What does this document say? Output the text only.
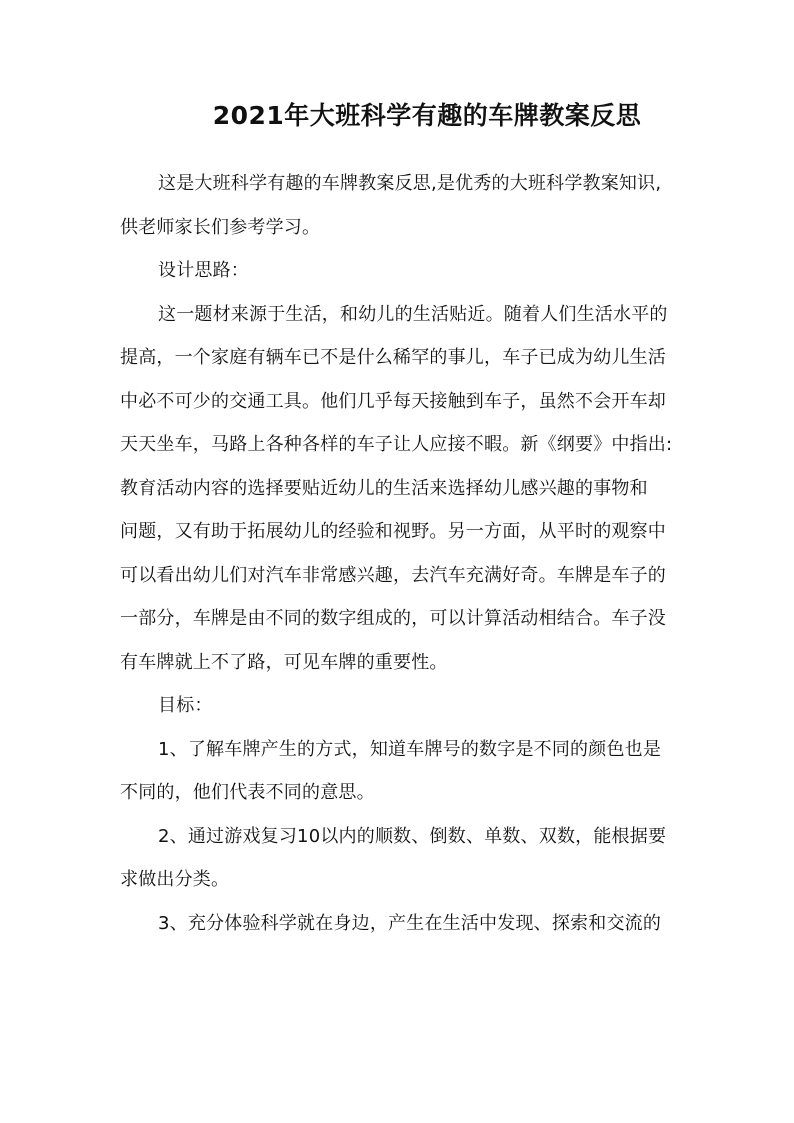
2021年大班科学有趣的车牌教案反思
这是大班科学有趣的车牌教案反思,是优秀的大班科学教案知识,
供老师家长们参考学习。
设计思路：
这一题材来源于生活，和幼儿的生活贴近。随着人们生活水平的
提高，一个家庭有辆车已不是什么稀罕的事儿，车子已成为幼儿生活
中必不可少的交通工具。他们几乎每天接触到车子，虽然不会开车却
天天坐车，马路上各种各样的车子让人应接不暇。新《纲要》中指出:
教育活动内容的选择要贴近幼儿的生活来选择幼儿感兴趣的事物和
问题，又有助于拓展幼儿的经验和视野。另一方面，从平时的观察中
可以看出幼儿们对汽车非常感兴趣，去汽车充满好奇。车牌是车子的
一部分，车牌是由不同的数字组成的，可以计算活动相结合。车子没
有车牌就上不了路，可见车牌的重要性。
目标：
1、了解车牌产生的方式，知道车牌号的数字是不同的颜色也是
不同的，他们代表不同的意思。
2、通过游戏复习10以内的顺数、倒数、单数、双数，能根据要
求做出分类。
3、充分体验科学就在身边，产生在生活中发现、探索和交流的
